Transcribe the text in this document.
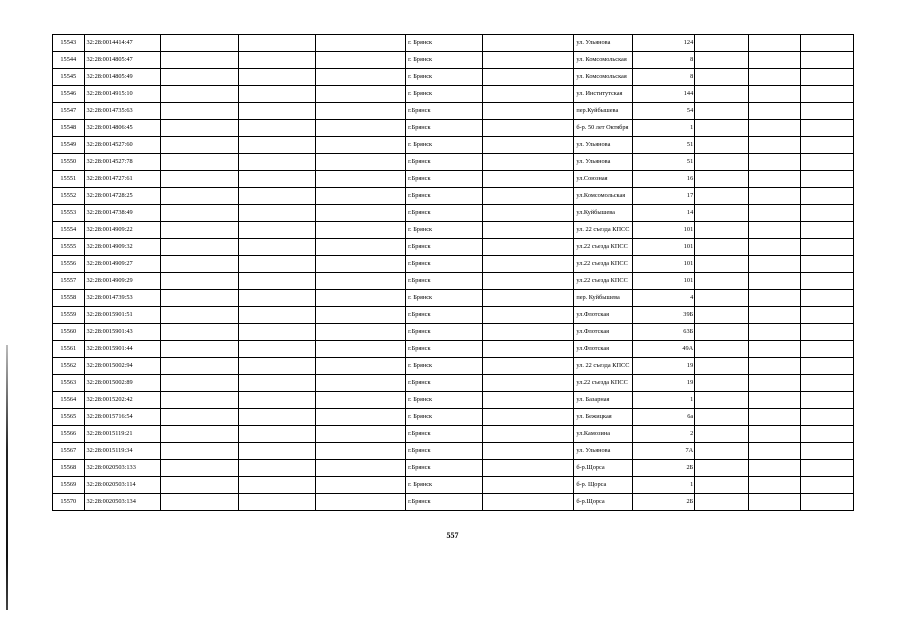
15543	32:28:0014414:47				г. Брянск		ул. Ульянова	124			
15544	32:28:0014805:47				г. Брянск		ул. Комсомольская	8			
15545	32:28:0014805:49				г. Брянск		ул. Комсомольская	8			
15546	32:28:0014915:10				г. Брянск		ул. Институтская	144			
15547	32:28:0014735:63				г.Брянск		пер.Куйбышева	54			
15548	32:28:0014806:45				г.Брянск		б-р. 50 лет Октября	1			
15549	32:28:0014527:60				г. Брянск		ул. Ульянова	51			
15550	32:28:0014527:78				г.Брянск		ул. Ульянова	51			
15551	32:28:0014727:61				г.Брянск		ул.Союзная	16			
15552	32:28:0014728:25				г.Брянск		ул.Комсомольская	17			
15553	32:28:0014738:49				г.Брянск		ул.Куйбышева	14			
15554	32:28:0014909:22				г. Брянск		ул. 22 съезда КПСС	101			
15555	32:28:0014909:32				г.Брянск		ул.22 съезда КПСС	101			
15556	32:28:0014909:27				г.Брянск		ул.22 съезда КПСС	101			
15557	32:28:0014909:29				г.Брянск		ул.22 съезда КПСС	101			
15558	32:28:0014739:53				г. Брянск		пер. Куйбышева	4			
15559	32:28:0015901:51				г.Брянск		ул.Флотская	39Б			
15560	32:28:0015901:43				г.Брянск		ул.Флотская	63Б			
15561	32:28:0015901:44				г.Брянск		ул.Флотская	49А			
15562	32:28:0015002:94				г. Брянск		ул. 22 съезда КПСС	19			
15563	32:28:0015002:89				г.Брянск		ул.22 съезда КПСС	19			
15564	32:28:0015202:42				г. Брянск		ул. Базарная	1			
15565	32:28:0015716:54				г. Брянск		ул. Бежицкая	6а			
15566	32:28:0015119:21				г.Брянск		ул.Камозина	2			
15567	32:28:0015119:34				г.Брянск		ул. Ульянова	7А			
15568	32:28:0020503:133				г.Брянск		б-р.Щорса	2Б			
15569	32:28:0020503:114				г. Брянск		б-р. Щорса	1			
15570	32:28:0020503:134				г.Брянск		б-р.Щорса	2Б			
557
